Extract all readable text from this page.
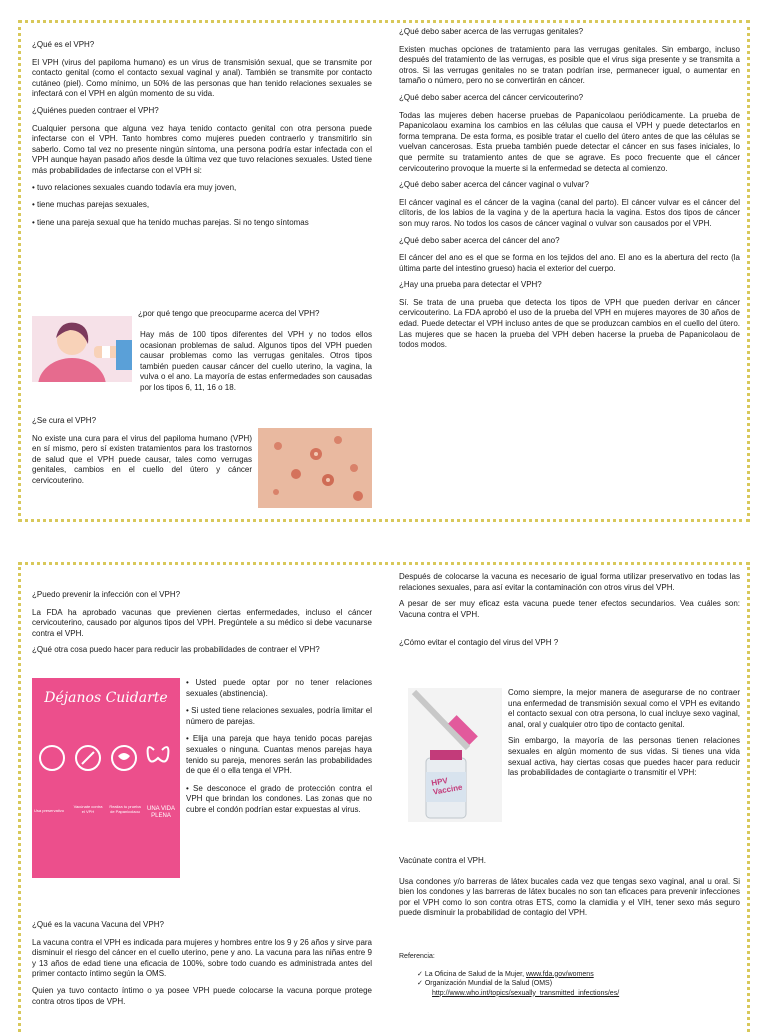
¿Qué es el VPH?

El VPH (virus del papiloma humano) es un virus de transmisión sexual, que se transmite por contacto genital (como el contacto sexual vaginal y anal). También se transmite por contacto cutáneo (piel). Como mínimo, un 50% de las personas que han tenido relaciones sexuales se infectará con el VPH en algún momento de su vida.

¿Quiénes pueden contraer el VPH?

Cualquier persona que alguna vez haya tenido contacto genital con otra persona puede infectarse con el VPH. Tanto hombres como mujeres pueden contraerlo y transmitirlo sin saberlo. Como tal vez no presente ningún síntoma, una persona podría estar infectada con el VPH aunque hayan pasado años desde la última vez que tuvo relaciones sexuales. Usted tiene más probabilidades de infectarse con el VPH si:

• tuvo relaciones sexuales cuando todavía era muy joven,
• tiene muchas parejas sexuales,
• tiene una pareja sexual que ha tenido muchas parejas. Si no tengo síntomas
¿por qué tengo que preocuparme acerca del VPH?

Hay más de 100 tipos diferentes del VPH y no todos ellos ocasionan problemas de salud. Algunos tipos del VPH pueden causar problemas como las verrugas genitales. Otros tipos también pueden causar cáncer del cuello uterino, la vagina, la vulva o el ano. La mayoría de estas enfermedades son causadas por los tipos 6, 11, 16 o 18.

¿Se cura el VPH?

No existe una cura para el virus del papiloma humano (VPH) en sí mismo, pero sí existen tratamientos para los trastornos de salud que el VPH puede causar, tales como verrugas genitales, cambios en el cuello del útero y cáncer cervicouterino.

¿Qué debo saber acerca de las verrugas genitales?

Existen muchas opciones de tratamiento para las verrugas genitales. Sin embargo, incluso después del tratamiento de las verrugas, es posible que el virus siga presente y se transmita a otros. Si las verrugas genitales no se tratan podrían irse, permanecer igual, o aumentar en tamaño o número, pero no se convertirán en cáncer.

¿Qué debo saber acerca del cáncer cervicouterino?

Todas las mujeres deben hacerse pruebas de Papanicolaou periódicamente. La prueba de Papanicolaou examina los cambios en las células que causa el VPH y puede detectarlos en forma temprana. De esta forma, es posible tratar el cuello del útero antes de que las células se vuelvan cancerosas. Esta prueba también puede detectar el cáncer en sus fases iniciales, lo que permite su tratamiento antes de que se agrave. Es poco frecuente que el cáncer cervicouterino provoque la muerte si la enfermedad se detecta al comienzo.

¿Qué debo saber acerca del cáncer vaginal o vulvar?

El cáncer vaginal es el cáncer de la vagina (canal del parto). El cáncer vulvar es el cáncer del clítoris, de los labios de la vagina y de la apertura hacia la vagina. Estos dos tipos de cáncer son muy raros. No todos los casos de cáncer vaginal o vulvar son causados por el VPH.

¿Qué debo saber acerca del cáncer del ano?

El cáncer del ano es el que se forma en los tejidos del ano. El ano es la abertura del recto (la última parte del intestino grueso) hacia el exterior del cuerpo.

¿Hay una prueba para detectar el VPH?

Sí. Se trata de una prueba que detecta los tipos de VPH que pueden derivar en cáncer cervicouterino. La FDA aprobó el uso de la prueba del VPH en mujeres mayores de 30 años de edad. Puede detectar el VPH incluso antes de que se produzcan cambios en el cuello del útero. Las mujeres que se hacen la prueba del VPH deben hacerse la prueba de Papanicolaou de todos modos.

¿Puedo prevenir la infección con el VPH?

La FDA ha aprobado vacunas que previenen ciertas enfermedades, incluso el cáncer cervicouterino, causado por algunos tipos del VPH. Pregúntele a su médico si debe vacunarse contra el VPH.

¿Qué otra cosa puedo hacer para reducir las probabilidades de contraer el VPH?
Déjanos Cuidarte
Usa preservativo
Vacúnate contra el VPH
Realiza tu prueba de Papanicolaou	UNA VIDA PLENA
• Usted puede optar por no tener relaciones sexuales (abstinencia).
• Si usted tiene relaciones sexuales, podría limitar el número de parejas.
• Elija una pareja que haya tenido pocas parejas sexuales o ninguna. Cuantas menos parejas haya tenido su pareja, menores serán las probabilidades de que él o ella tenga el VPH.
• Se desconoce el grado de protección contra el VPH que brindan los condones. Las zonas que no cubre el condón podrían estar expuestas al virus.
¿Qué es la vacuna Vacuna del VPH?

La vacuna contra el VPH es indicada para mujeres y hombres entre los 9 y 26 años y sirve para disminuir el riesgo del cáncer en el cuello uterino, pene y ano. La vacuna para las niñas entre 9 y 13 años de edad tiene una eficacia de 100%, sobre todo cuando es administrada antes del primer contacto íntimo según la OMS.

Quien ya tuvo contacto íntimo o ya posee VPH puede colocarse la vacuna porque protege contra otros tipos de VPH.

Después de colocarse la vacuna es necesario de igual forma utilizar preservativo en todas las relaciones sexuales, para así evitar la contaminación con otros virus del VPH.

A pesar de ser muy eficaz esta vacuna puede tener efectos secundarios. Vea cuáles son: Vacuna contra el VPH.

¿Cómo evitar el contagio del virus del VPH ?
HPV Vaccine

Como siempre, la mejor manera de asegurarse de no contraer una enfermedad de transmisión sexual como el VPH es evitando el contacto sexual con otra persona, lo cual incluye sexo vaginal, anal, oral y cualquier otro tipo de contacto genital.

Sin embargo, la mayoría de las personas tienen relaciones sexuales en algún momento de sus vidas. Si tienes una vida sexual activa, hay ciertas cosas que puedes hacer para reducir las probabilidades de contagiarte o transmitir el VPH:

Vacúnate contra el VPH.

Usa condones y/o barreras de látex bucales cada vez que tengas sexo vaginal, anal u oral. Si bien los condones y las barreras de látex bucales no son tan eficaces para prevenir infecciones por el VPH como lo son contra otras ETS, como la clamidia y el VIH, tener sexo más seguro puede disminuir la probabilidad de contagio del VPH.

Referencia:
✓ La Oficina de Salud de la Mujer, www.fda.gov/womens
✓ Organización Mundial de la Salud (OMS)
http://www.who.int/topics/sexually_transmitted_infections/es/
